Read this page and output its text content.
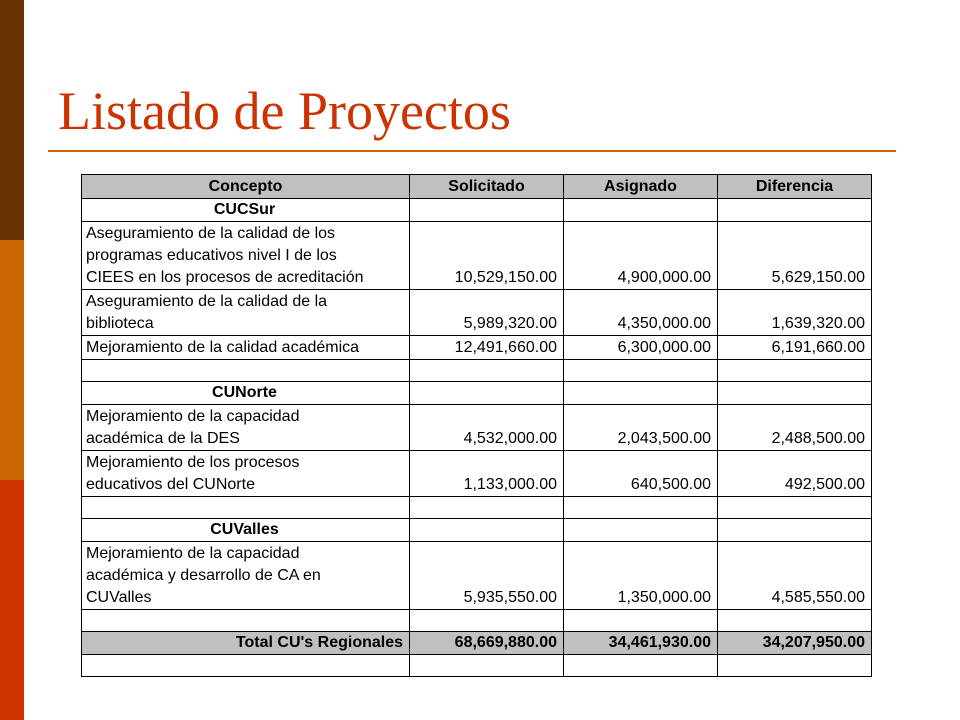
Listado de Proyectos
Concepto	Solicitado	Asignado	Diferencia

CUCSur			

Aseguramiento de la calidad de los
programas educativos nivel I de los
CIEES en los procesos de acreditación	10,529,150.00	4,900,000.00	5,629,150.00

Aseguramiento de la calidad de la
biblioteca	5,989,320.00	4,350,000.00	1,639,320.00

Mejoramiento de la calidad académica	12,491,660.00	6,300,000.00	6,191,660.00

CUNorte			

Mejoramiento de la capacidad
académica de la DES	4,532,000.00	2,043,500.00	2,488,500.00

Mejoramiento de los procesos
educativos del CUNorte	1,133,000.00	640,500.00	492,500.00

CUValles			

Mejoramiento de la capacidad
académica y desarrollo de CA en
CUValles	5,935,550.00	1,350,000.00	4,585,550.00

Total CU's Regionales	68,669,880.00	34,461,930.00	34,207,950.00
